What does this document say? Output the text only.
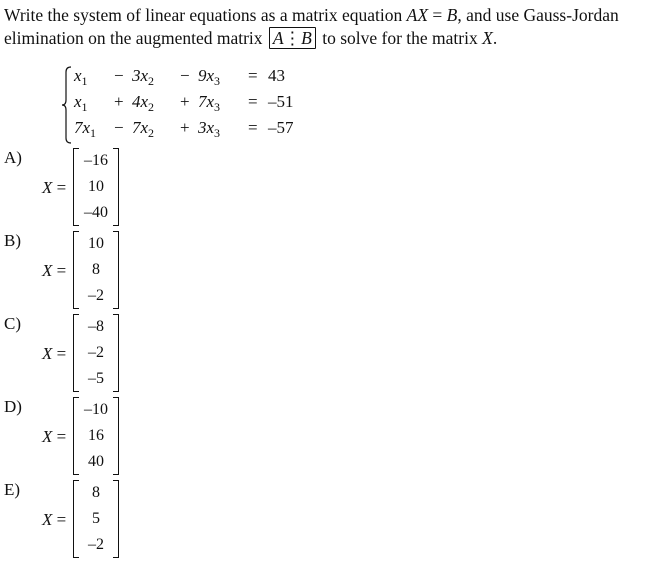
Write the system of linear equations as a matrix equation AX = B, and use Gauss-Jordan
elimination on the augmented matrix A⋮B to solve for the matrix X.

$x_1 - 3x_2 - 9x_3 = 43$
$x_1 + 4x_2 + 7x_3 = -51$
$7x_1 - 7x_2 + 3x_3 = -57$
A)
X =
–16
10
–40
B)
X =
10
8
–2
C)
X =
–8
–2
–5
D)
X =
–10
16
40
E)
X =
8
5
–2
